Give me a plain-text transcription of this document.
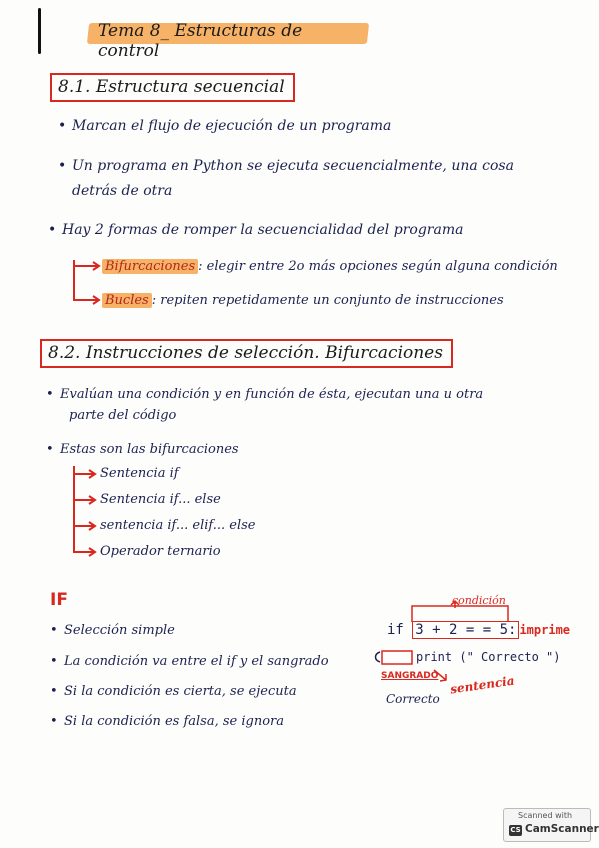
Tema 8_ Estructuras de control
8.1. Estructura secuencial
• Marcan el flujo de ejecución de un programa
• Un programa en Python se ejecuta secuencialmente, una cosa
detrás de otra
• Hay 2 formas de romper la secuencialidad del programa
Bifurcaciones : elegir entre 2o más opciones según alguna condición
Bucles : repiten repetidamente un conjunto de instrucciones
8.2. Instrucciones de selección. Bifurcaciones
• Evalúan una condición y en función de ésta, ejecutan una u otra
parte del código
• Estas son las bifurcaciones
Sentencia if
Sentencia if... else
sentencia if... elif... else
Operador ternario
IF
• Selección simple
• La condición va entre el if y el sangrado
• Si la condición es cierta, se ejecuta
• Si la condición es falsa, se ignora
condición
if 3 + 2 = = 5: imprime
print (" Correcto ")
SANGRADO sentencia
Correcto
Scanned with
CS CamScanner
